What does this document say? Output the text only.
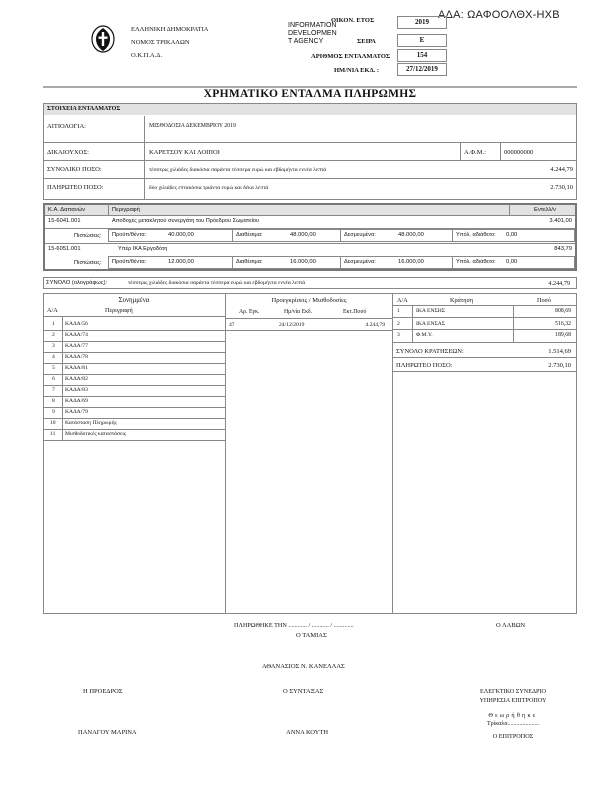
ΑΔΑ: ΩΑΦΟΟΛΘΧ-ΗΧΒ
ΕΛΛΗΝΙΚΗ ΔΗΜΟΚΡΑΤΙΑ
ΝΟΜΟΣ ΤΡΙΚΑΛΩΝ
Ο.Κ.Π.Α.Δ.
INFORMATION
DEVELOPMEN
T AGENCY
ΟΙΚΟΝ. ΕΤΟΣ	2019
ΣΕΙΡΑ	Ε
ΑΡΙΘΜΟΣ ΕΝΤΑΛΜΑΤΟΣ	154
ΗΜ/ΝΙΑ ΕΚΔ. :	27/12/2019
ΧΡΗΜΑΤΙΚΟ ΕΝΤΑΛΜΑ ΠΛΗΡΩΜΗΣ
ΣΤΟΙΧΕΙΑ ΕΝΤΑΛΜΑΤΟΣ
ΑΙΤΙΟΛΟΓΙΑ:	ΜΙΣΘΟΔΟΣΙΑ ΔΕΚΕΜΒΡΙΟΥ 2019
ΔΙΚΑΙΟΥΧΟΣ:	ΚΑΡΕΤΣΟΥ ΚΑΙ ΛΟΙΠΟΙ	Α.Φ.Μ.:	000000000
ΣΥΝΟΛΙΚΟ ΠΟΣΟ:	τέσσερις χιλιάδες διακόσια σαράντα τέσσερα ευρώ και εβδομήντα εννέα λεπτά	4.244,79
ΠΛΗΡΩΤΕΟ ΠΟΣΟ:	δύο χιλιάδες επτακόσια τριάντα ευρώ και δέκα λεπτά	2.730,10
Κ.Α. Δαπανών	Περιγραφή	Εντελλ/ν
15-6041.001	Αποδοχές μετακλητού συνεργάτη του Πρόεδρου Σωματείου	3.401,00
Πιστώσεις: Προϋπ/θέντα:	40.000,00	Διαθέσιμα:	48.000,00	Δεσμευμένα:	48.000,00	Υπόλ. αδιάθετο: 0,00
15-6051.001	Υπέρ ΙΚΑ Εργοδότη	843,79
Πιστώσεις: Προϋπ/θέντα:	12.000,00	Διαθέσιμα:	16.000,00	Δεσμευμένα:	16.000,00	Υπόλ. αδιάθετο: 0,00
ΣΥΝΟΛΟ (ολογράφως):	τέσσερις χιλιάδες διακόσια σαράντα τέσσερα ευρώ και εβδομήντα εννέα λεπτά	4.244,79
Συνημμένα
Α/Α	Περιγραφή
1 ΚΑΔΑ/56
2 ΚΑΔΑ/74
3 ΚΑΔΑ/77
4 ΚΑΔΑ/78
5 ΚΑΔΑ/81
6 ΚΑΔΑ/82
7 ΚΑΔΑ/83
8 ΚΑΔΑ/69
9 ΚΑΔΑ/79
10 Κατάσταση Πληρωμής
11 Μισθοδοτικές καταστάσεις
Προεγκρίσεις / Μισθοδοσίες
Αρ. Εγκ.	Ημ/νία Εκδ.	Εκτ.Ποσό
47	24/12/2019	4.244,79
Α/Α	Κράτηση	Ποσό
1	ΙΚΑ ΕΝΣΗΣ	808,69
2	ΙΚΑ ΕΝΣΑΣ	516,32
3	Φ.Μ.Υ.	189,68
ΣΥΝΟΛΟ ΚΡΑΤΗΣΕΩΝ:	1.514,69
ΠΛΗΡΩΤΕΟ ΠΟΣΟ:	2.730,10
ΠΛΗΡΩΘΗΚΕ ΤΗΝ ............ / ........... / .............	Ο ΛΑΒΩΝ
Ο ΤΑΜΙΑΣ
ΑΘΑΝΑΣΙΟΣ Ν. ΚΑΝΕΛΛΑΣ
Η ΠΡΟΕΔΡΟΣ	Ο ΣΥΝΤΑΞΑΣ	ΕΛΕΓΚΤΙΚΟ ΣΥΝΕΔΡΙΟ
ΥΠΗΡΕΣΙΑ ΕΠΙΤΡΟΠΟΥ
Θεωρήθηκε
Τρίκαλα.....................
ΠΑΝΑΓΟΥ ΜΑΡΙΝΑ	ΑΝΝΑ ΚΟΥΤΗ
Ο ΕΠΙΤΡΟΠΟΣ
